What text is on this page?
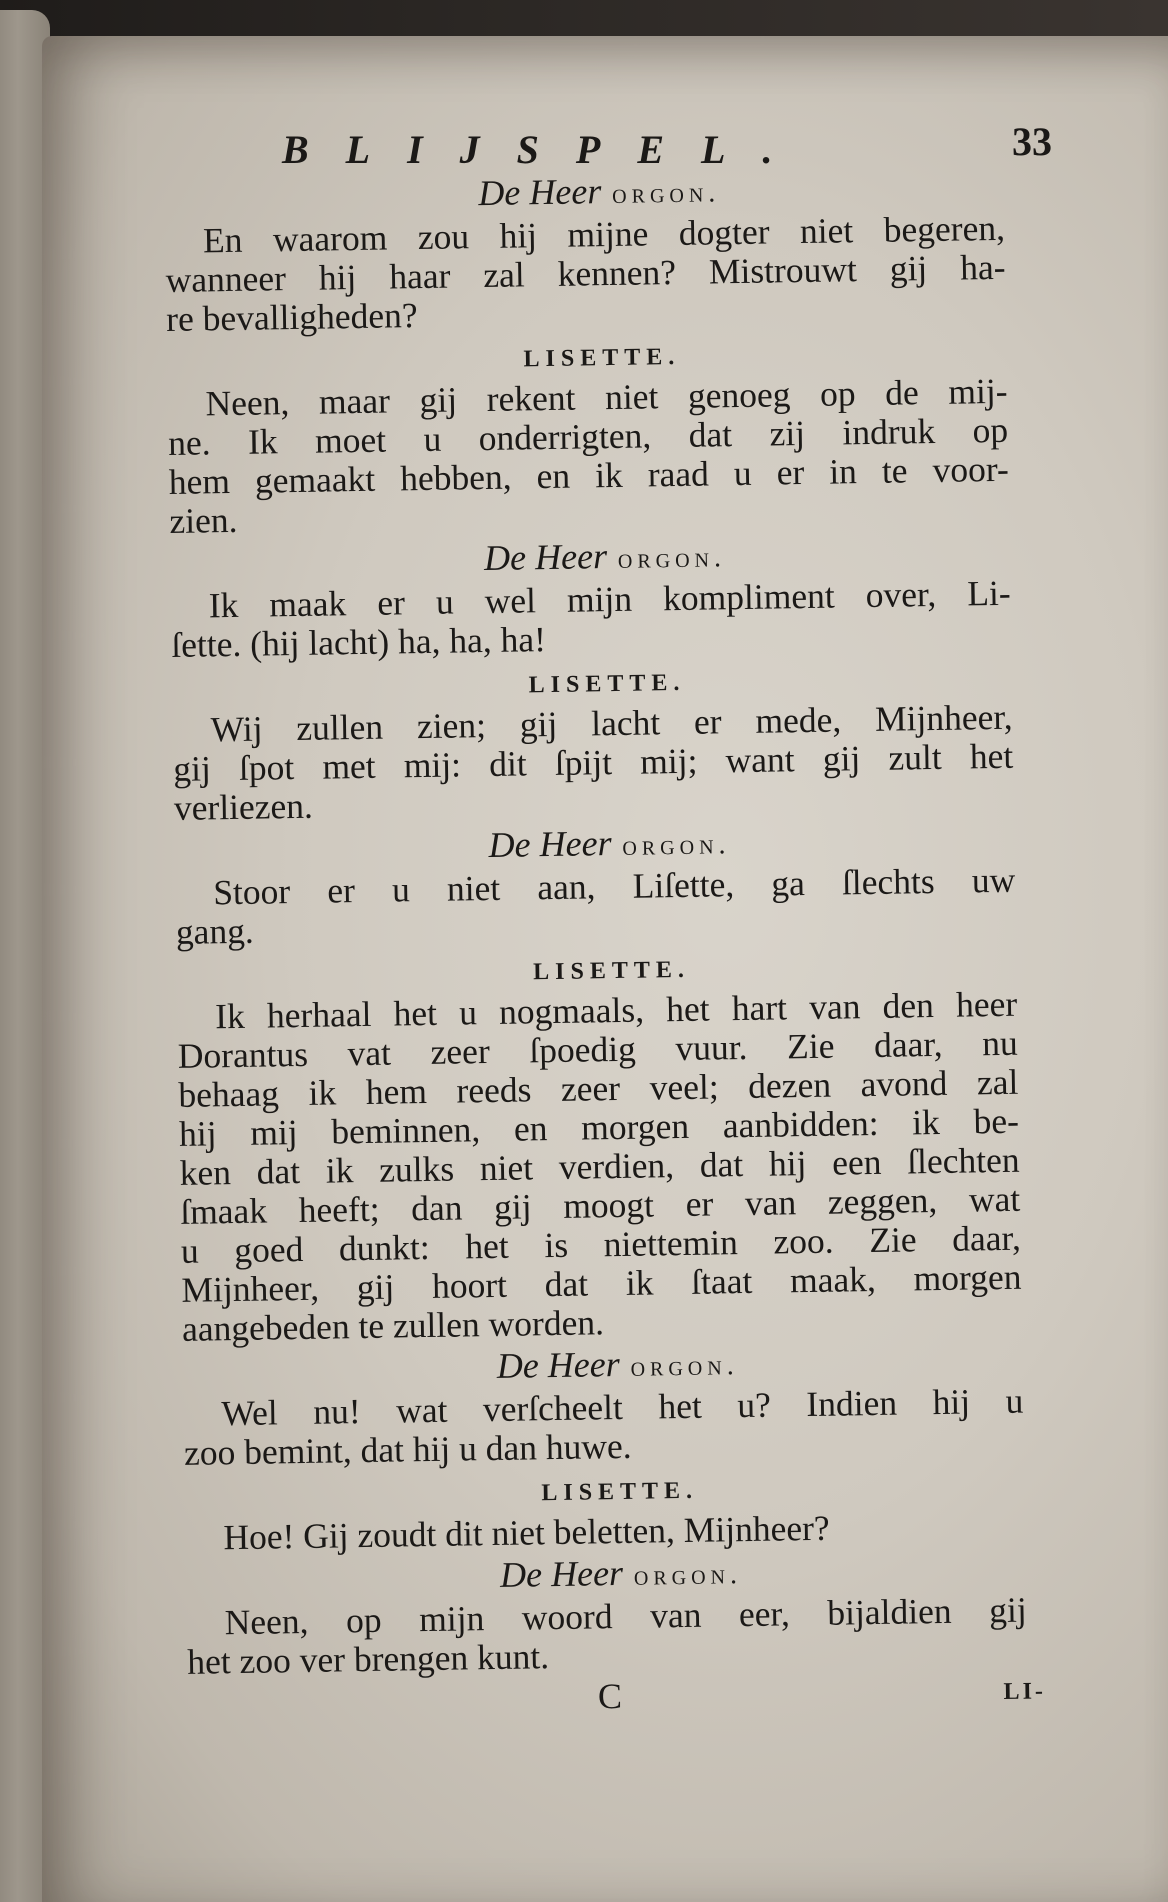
BLIJSPEL.	33
De Heer orgon.
En waarom zou hij mijne dogter niet begeren,
wanneer hij haar zal kennen? Mistrouwt gij ha-
re bevalligheden?
LISETTE.
Neen, maar gij rekent niet genoeg op de mij-
ne. Ik moet u onderrigten, dat zij indruk op
hem gemaakt hebben, en ik raad u er in te voor-
zien.
De Heer orgon.
Ik maak er u wel mijn kompliment over, Li-
ſette. (hij lacht) ha, ha, ha!
LISETTE.
Wij zullen zien; gij lacht er mede, Mijnheer,
gij ſpot met mij: dit ſpijt mij; want gij zult het
verliezen.
De Heer orgon.
Stoor er u niet aan, Liſette, ga ſlechts uw
gang.
LISETTE.
Ik herhaal het u nogmaals, het hart van den heer
Dorantus vat zeer ſpoedig vuur. Zie daar, nu
behaag ik hem reeds zeer veel; dezen avond zal
hij mij beminnen, en morgen aanbidden: ik be-
ken dat ik zulks niet verdien, dat hij een ſlechten
ſmaak heeft; dan gij moogt er van zeggen, wat
u goed dunkt: het is niettemin zoo. Zie daar,
Mijnheer, gij hoort dat ik ſtaat maak, morgen
aangebeden te zullen worden.
De Heer orgon.
Wel nu! wat verſcheelt het u? Indien hij u
zoo bemint, dat hij u dan huwe.
LISETTE.
Hoe! Gij zoudt dit niet beletten, Mijnheer?
De Heer orgon.
Neen, op mijn woord van eer, bijaldien gij
het zoo ver brengen kunt.
C	LI-
